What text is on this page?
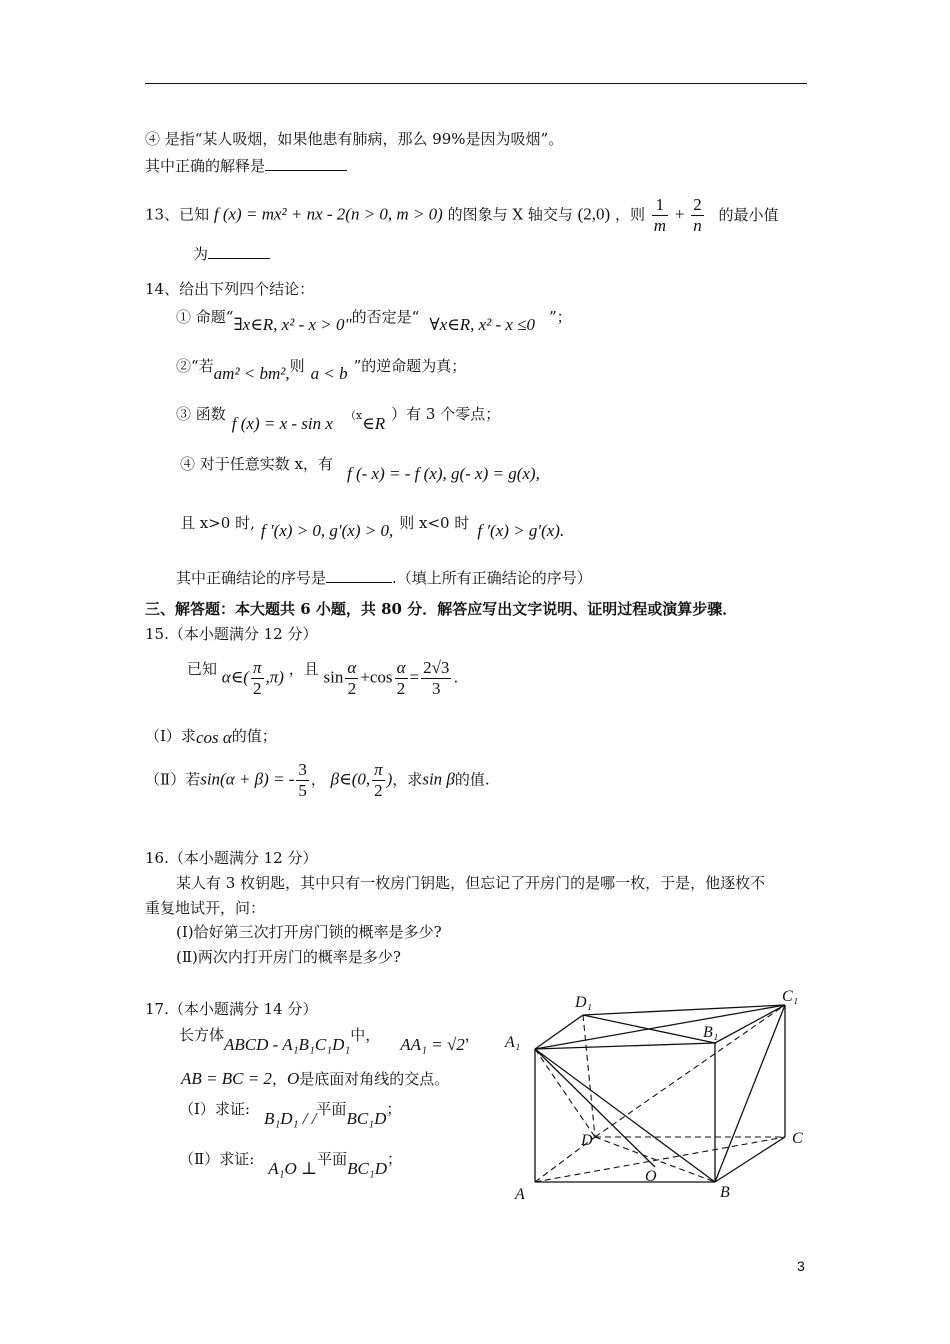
④ 是指“某人吸烟，如果他患有肺病，那么 99%是因为吸烟”。
其中正确的解释是
13、已知 f (x) = mx² + nx - 2(n > 0, m > 0) 的图象与 X 轴交与 (2,0) ，则 $\frac{1}{m} + \frac{2}{n}$ 的最小值
为
14、给出下列四个结论：
① 命题“∃x∈R, x² - x > 0"的否定是“ ∀x∈R, x² - x ≤0 ”；
②“若am² < bm²,则 a < b ”的逆命题为真；
③ 函数 f (x) = x - sin x （x∈R ）有 3 个零点；
④ 对于任意实数 x，有 f (- x) = - f (x), g(- x) = g(x),
且 x>0 时, f ′(x) > 0, g′(x) > 0, 则 x<0 时 f ′(x) > g′(x).
其中正确结论的序号是	.（填上所有正确结论的序号）
三、解答题：本大题共 6 小题，共 80 分．解答应写出文字说明、证明过程或演算步骤．
15.（本小题满分 12 分）
已知 α∈( $\frac{\pi}{2} ,\pi$) ，且 $\sin \frac{\alpha}{2} +\cos \frac{\alpha}{2} = \frac{2√3}{3}$ .
（Ⅰ）求cos α的值；
（Ⅱ）若sin(α + β) = - $\frac{3}{5}$ ， β∈(0, $\frac{\pi}{2}$ )，求sin β的值.
16.（本小题满分 12 分）
某人有 3 枚钥匙，其中只有一枚房门钥匙，但忘记了开房门的是哪一枚，于是，他逐枚不
重复地试开，问：
(Ⅰ)恰好第三次打开房门锁的概率是多少?
(Ⅱ)两次内打开房门的概率是多少?
17.（本小题满分 14 分）
长方体ABCD - A₁B₁C₁D₁中， AA₁ = √2，
AB = BC = 2，O是底面对角线的交点。
（Ⅰ）求证: B₁D₁ / /平面BC₁D；
（Ⅱ）求证: A₁O ⊥平面BC₁D；
D₁	C₁
B₁
A₁
D	C
O
A	B
3
